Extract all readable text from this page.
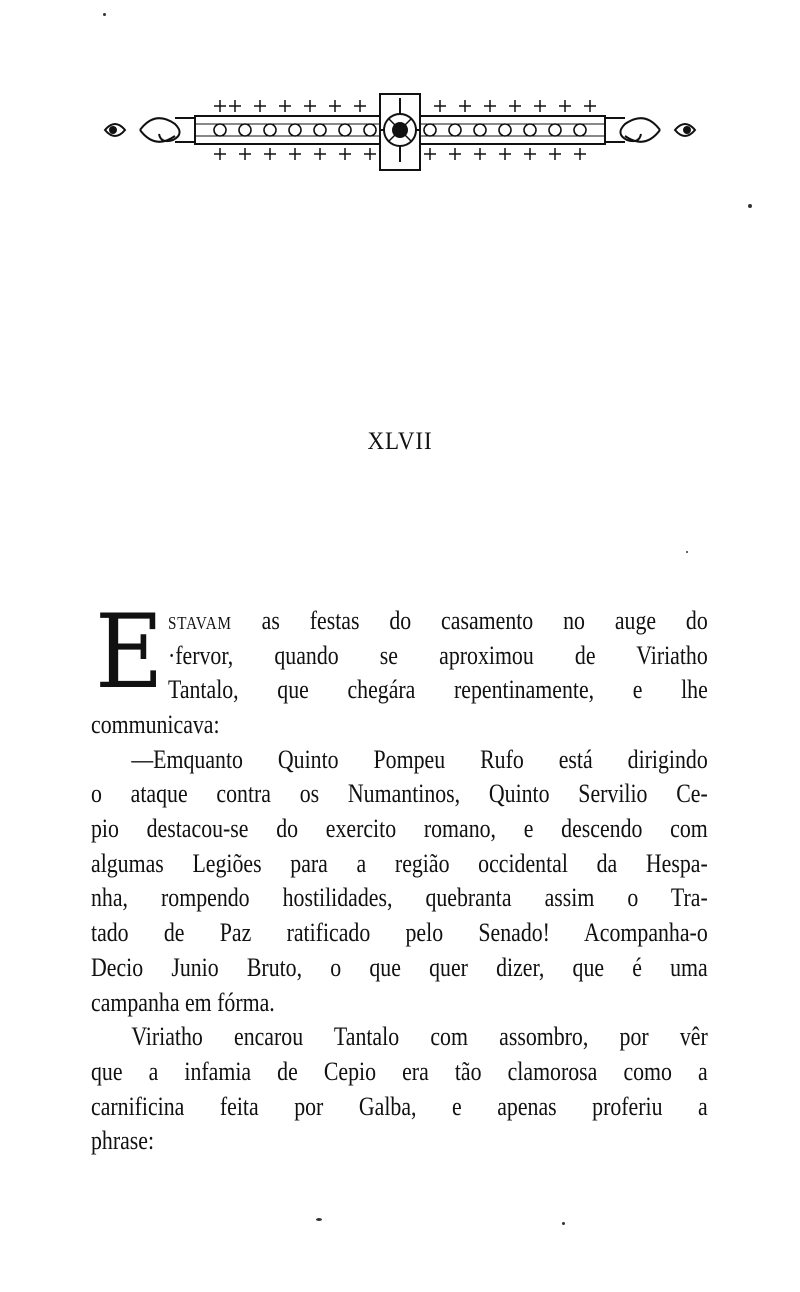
XLVII
E stavam as festas do casamento no auge do
·fervor, quando se aproximou de Viriatho
Tantalo, que chegára repentinamente, e lhe
communicava:
—Emquanto Quinto Pompeu Rufo está dirigindo
o ataque contra os Numantinos, Quinto Servilio Ce-
pio destacou-se do exercito romano, e descendo com
algumas Legiões para a região occidental da Hespa-
nha, rompendo hostilidades, quebranta assim o Tra-
tado de Paz ratificado pelo Senado! Acompanha-o
Decio Junio Bruto, o que quer dizer, que é uma
campanha em fórma.
Viriatho encarou Tantalo com assombro, por vêr
que a infamia de Cepio era tão clamorosa como a
carnificina feita por Galba, e apenas proferiu a
phrase:
